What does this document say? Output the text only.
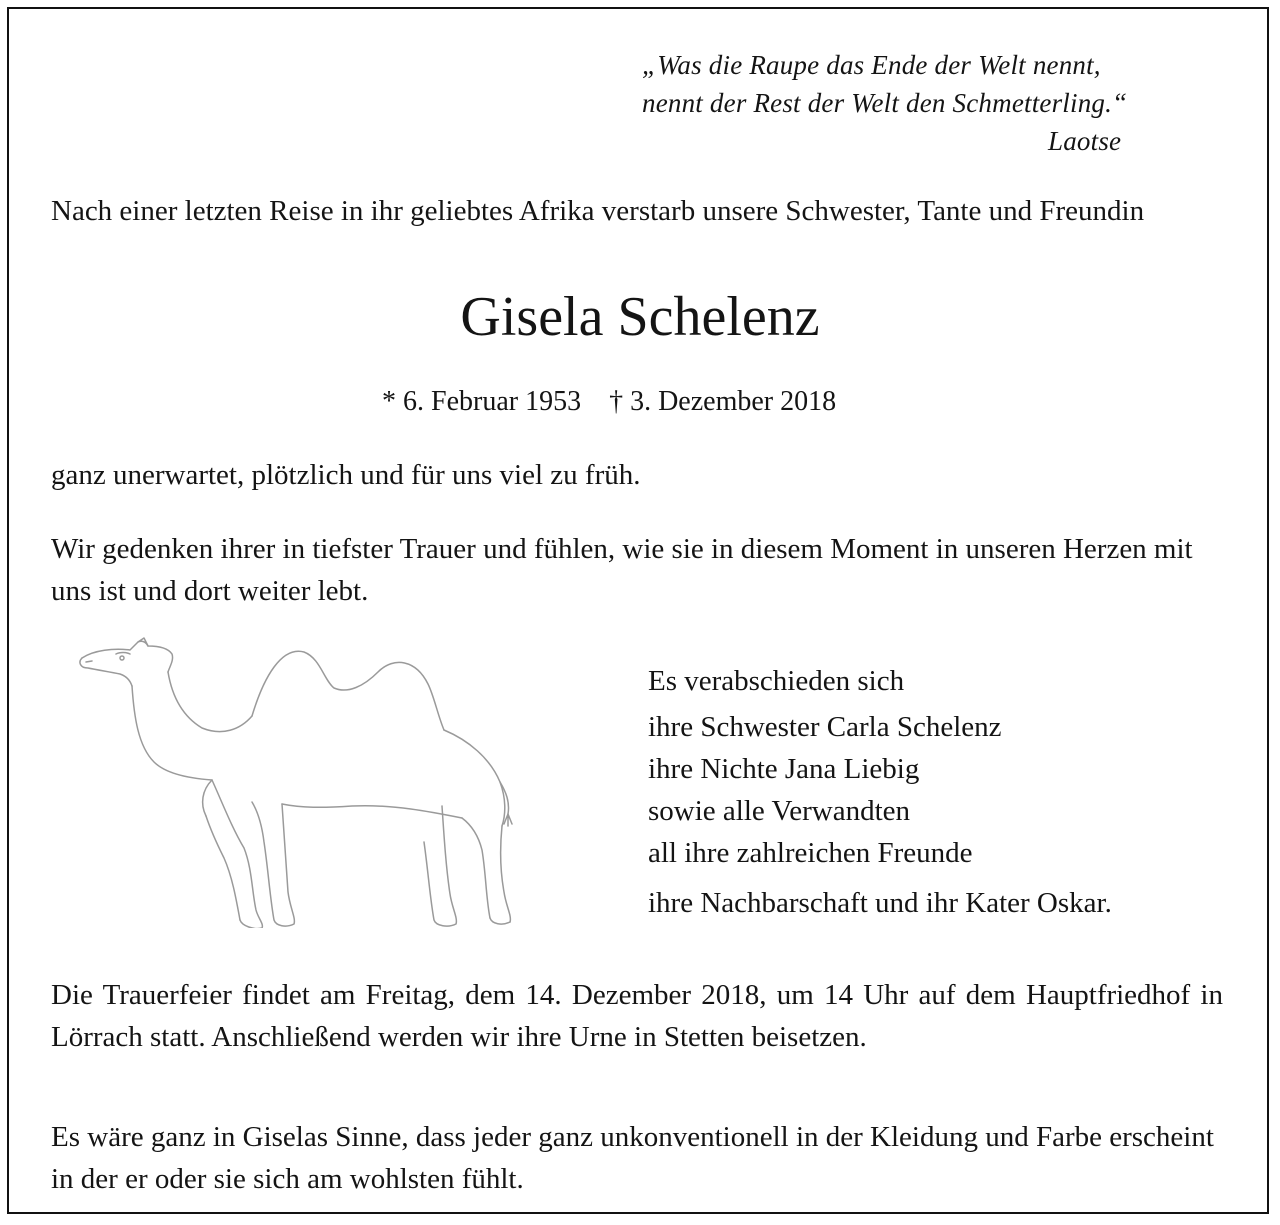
„Was die Raupe das Ende der Welt nennt,
nennt der Rest der Welt den Schmetterling.“
Laotse
Nach einer letzten Reise in ihr geliebtes Afrika verstarb unsere Schwester, Tante und Freundin
Gisela Schelenz
* 6. Februar 1953 † 3. Dezember 2018
ganz unerwartet, plötzlich und für uns viel zu früh.
Wir gedenken ihrer in tiefster Trauer und fühlen, wie sie in diesem Moment in unseren Herzen mit uns ist und dort weiter lebt.
Es verabschieden sich
ihre Schwester Carla Schelenz
ihre Nichte Jana Liebig
sowie alle Verwandten
all ihre zahlreichen Freunde
ihre Nachbarschaft und ihr Kater Oskar.
Die Trauerfeier findet am Freitag, dem 14. Dezember 2018, um 14 Uhr auf dem Hauptfriedhof in Lörrach statt. Anschließend werden wir ihre Urne in Stetten beisetzen.
Es wäre ganz in Giselas Sinne, dass jeder ganz unkonventionell in der Kleidung und Farbe erscheint in der er oder sie sich am wohlsten fühlt.
